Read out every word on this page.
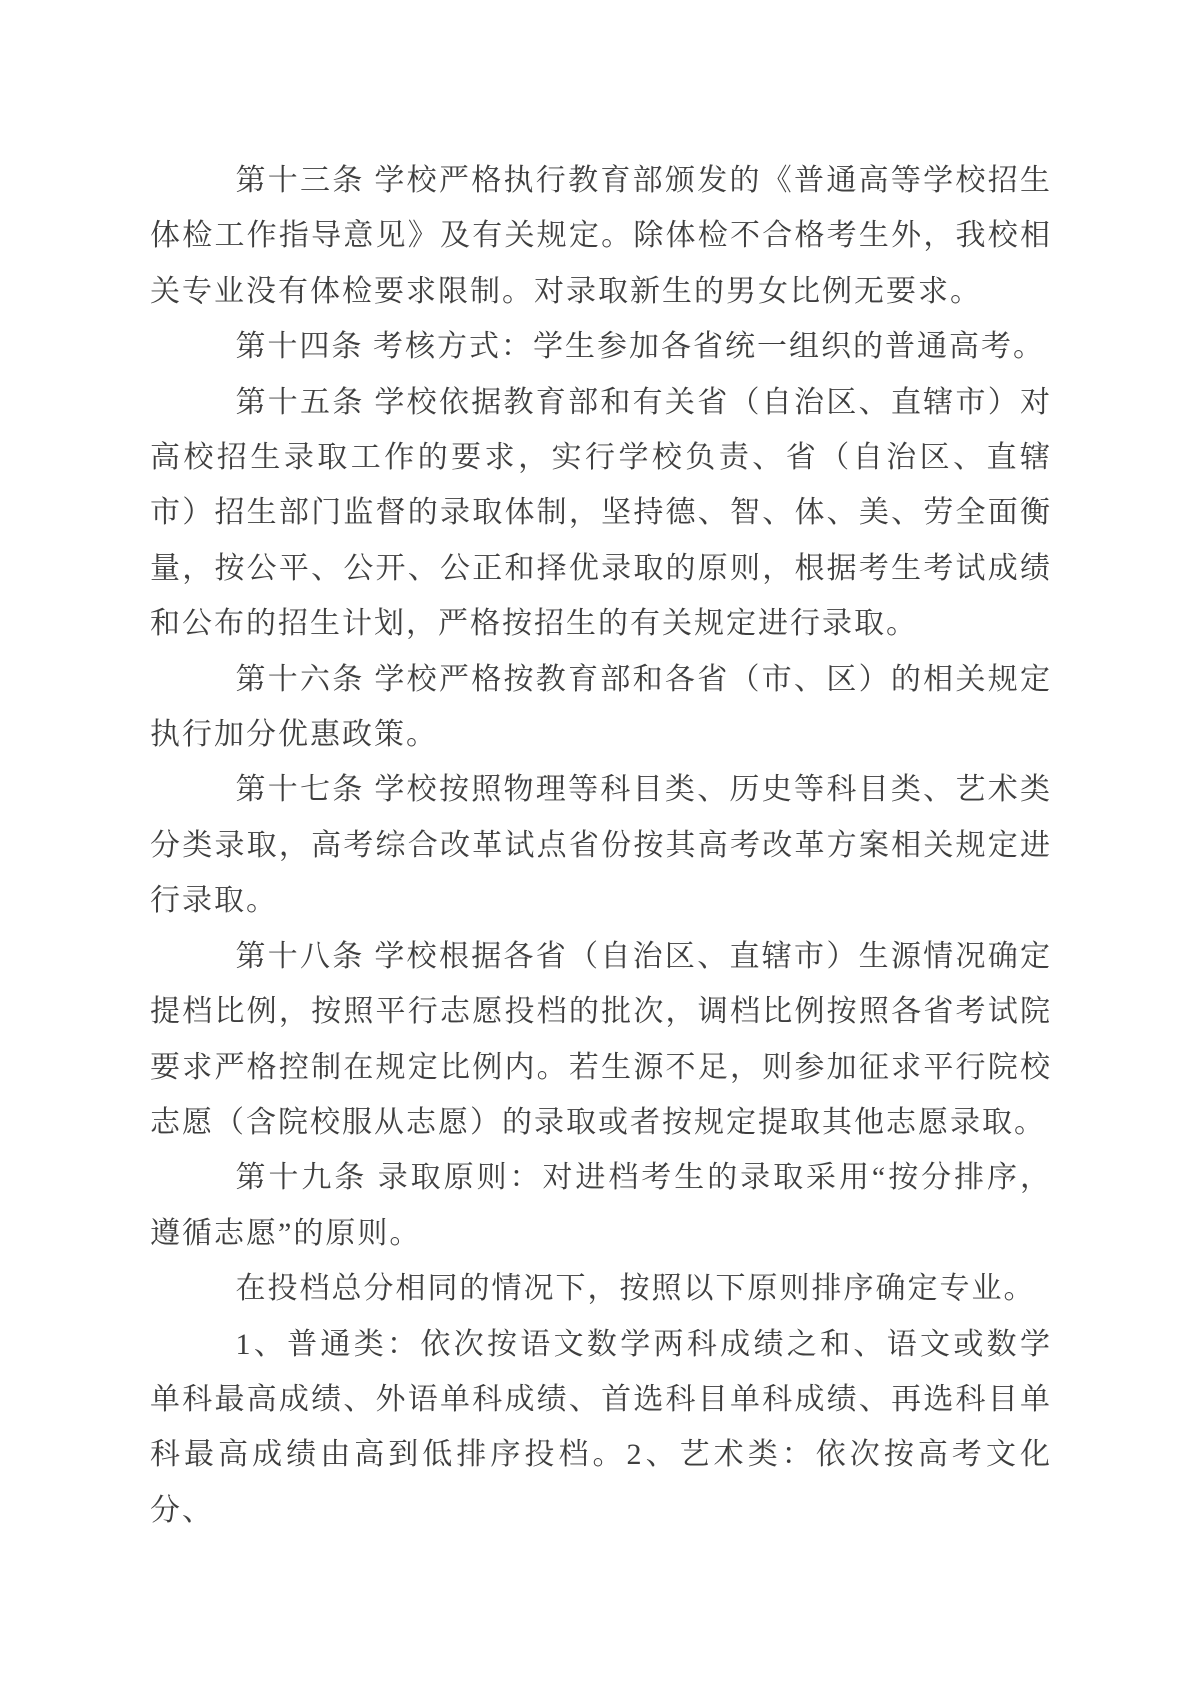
第十三条 学校严格执行教育部颁发的《普通高等学校招生体检工作指导意见》及有关规定。除体检不合格考生外，我校相关专业没有体检要求限制。对录取新生的男女比例无要求。

第十四条 考核方式：学生参加各省统一组织的普通高考。

第十五条 学校依据教育部和有关省（自治区、直辖市）对高校招生录取工作的要求，实行学校负责、省（自治区、直辖市）招生部门监督的录取体制，坚持德、智、体、美、劳全面衡量，按公平、公开、公正和择优录取的原则，根据考生考试成绩和公布的招生计划，严格按招生的有关规定进行录取。

第十六条 学校严格按教育部和各省（市、区）的相关规定执行加分优惠政策。

第十七条 学校按照物理等科目类、历史等科目类、艺术类分类录取，高考综合改革试点省份按其高考改革方案相关规定进行录取。

第十八条 学校根据各省（自治区、直辖市）生源情况确定提档比例，按照平行志愿投档的批次，调档比例按照各省考试院要求严格控制在规定比例内。若生源不足，则参加征求平行院校志愿（含院校服从志愿）的录取或者按规定提取其他志愿录取。

第十九条 录取原则：对进档考生的录取采用“按分排序，遵循志愿”的原则。

在投档总分相同的情况下，按照以下原则排序确定专业。

1、普通类：依次按语文数学两科成绩之和、语文或数学单科最高成绩、外语单科成绩、首选科目单科成绩、再选科目单科最高成绩由高到低排序投档。2、艺术类：依次按高考文化分、
